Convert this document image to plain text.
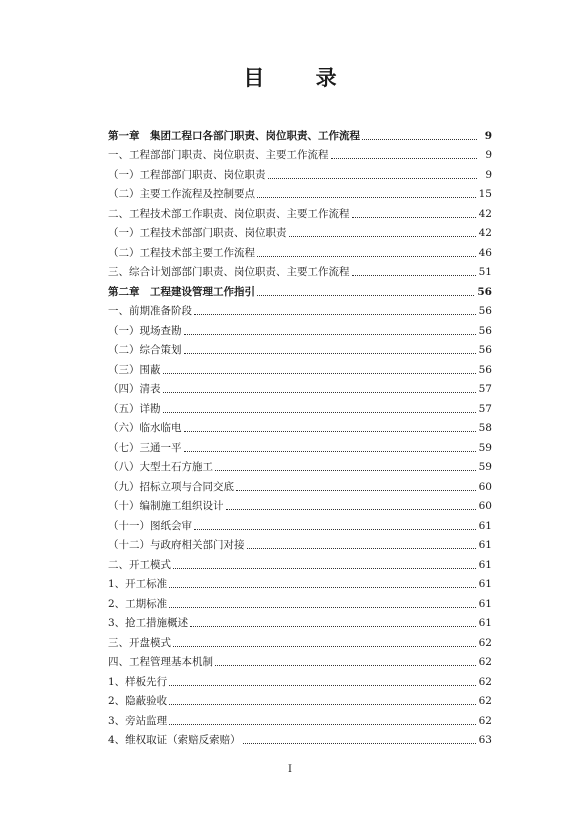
目 录
第一章　集团工程口各部门职责、岗位职责、工作流程	9
一、工程部部门职责、岗位职责、主要工作流程	9
（一）工程部部门职责、岗位职责	9
（二）主要工作流程及控制要点	15
二、工程技术部工作职责、岗位职责、主要工作流程	42
（一）工程技术部部门职责、岗位职责	42
（二）工程技术部主要工作流程	46
三、综合计划部部门职责、岗位职责、主要工作流程	51
第二章　工程建设管理工作指引	56
一、前期准备阶段	56
（一）现场查勘	56
（二）综合策划	56
（三）围蔽	56
（四）清表	57
（五）详勘	57
（六）临水临电	58
（七）三通一平	59
（八）大型土石方施工	59
（九）招标立项与合同交底	60
（十）编制施工组织设计	60
（十一）图纸会审	61
（十二）与政府相关部门对接	61
二、开工模式	61
1、开工标准	61
2、工期标准	61
3、抢工措施概述	61
三、开盘模式	62
四、工程管理基本机制	62
1、样板先行	62
2、隐蔽验收	62
3、旁站监理	62
4、维权取证（索赔反索赔）	63
I
